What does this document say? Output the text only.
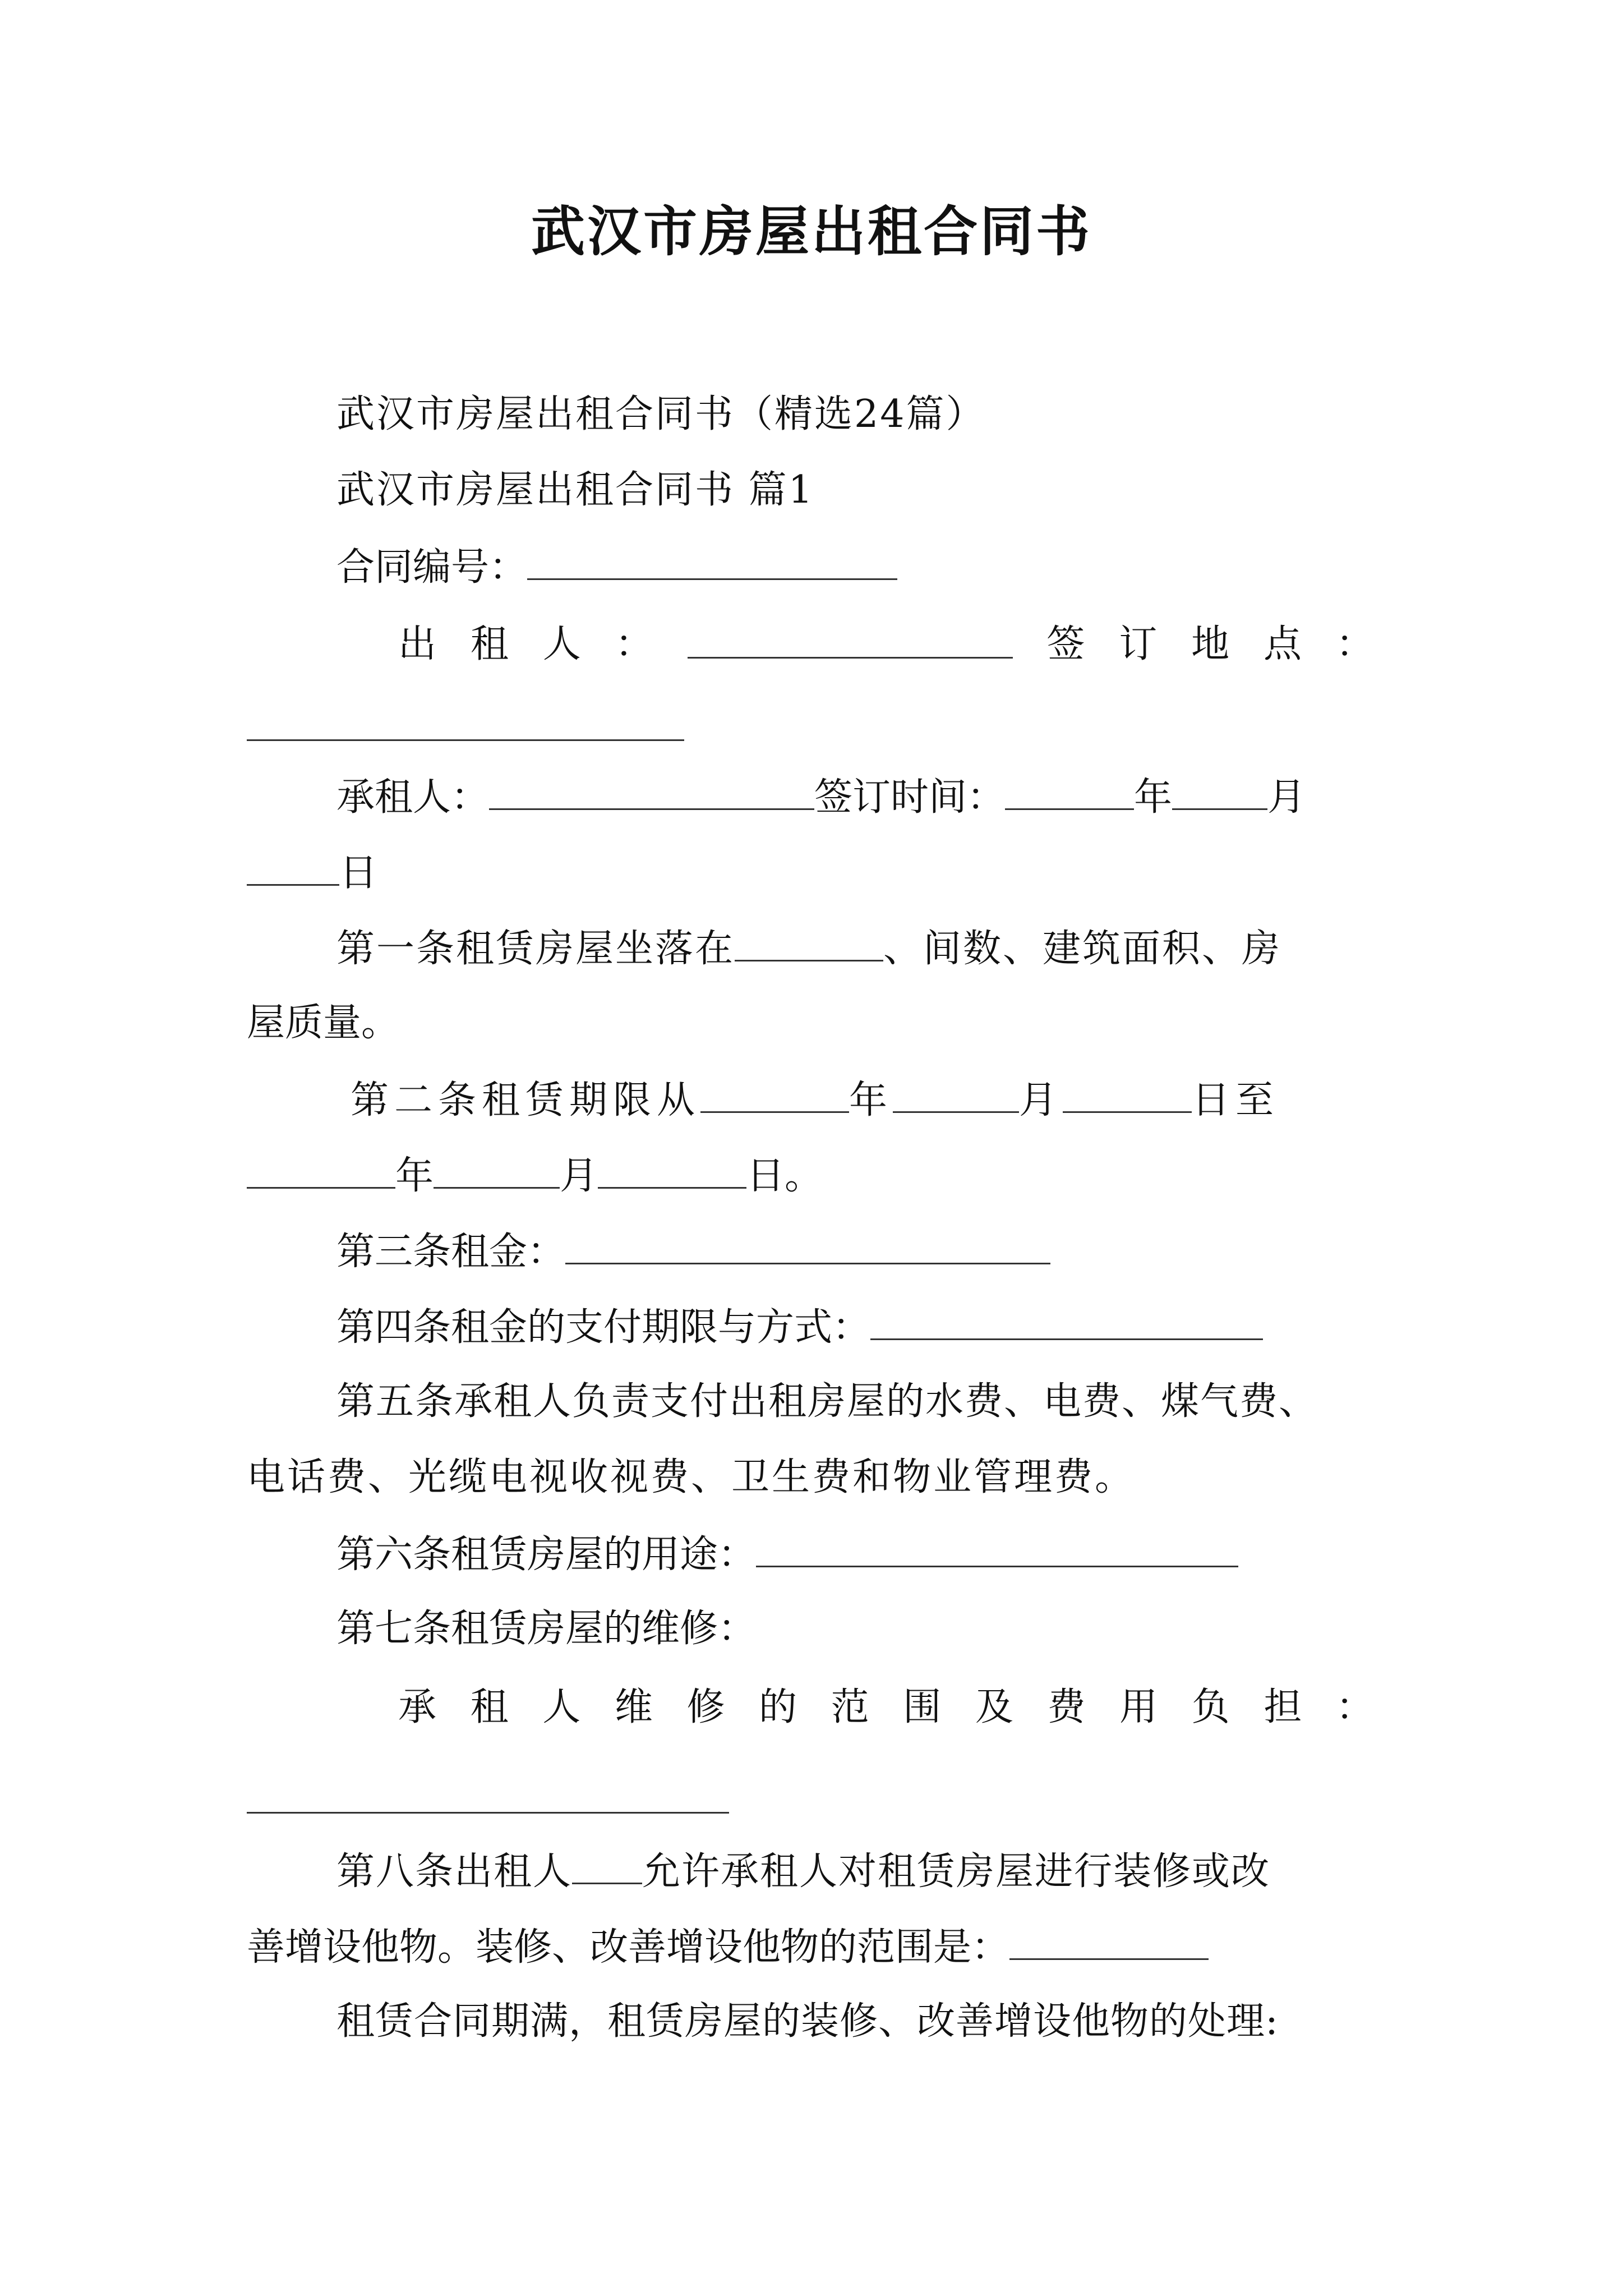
武汉市房屋出租合同书
武汉市房屋出租合同书（精选24篇）
武汉市房屋出租合同书 篇1
合同编号：
出 租 人 ：	签 订 地 点 ：
承租人：	签订时间：	年	月
日
第一条租赁房屋坐落在	、间数、建筑面积、房
屋质量。
第二条租赁期限从	年	月	日至
年	月	日。
第三条租金：
第四条租金的支付期限与方式：
第五条承租人负责支付出租房屋的水费、电费、煤气费、
电话费、光缆电视收视费、卫生费和物业管理费。
第六条租赁房屋的用途：
第七条租赁房屋的维修：
承 租 人 维 修 的 范 围 及 费 用 负 担 ：
第八条出租人 允许承租人对租赁房屋进行装修或改
善增设他物。装修、改善增设他物的范围是：
租赁合同期满，租赁房屋的装修、改善增设他物的处理:
